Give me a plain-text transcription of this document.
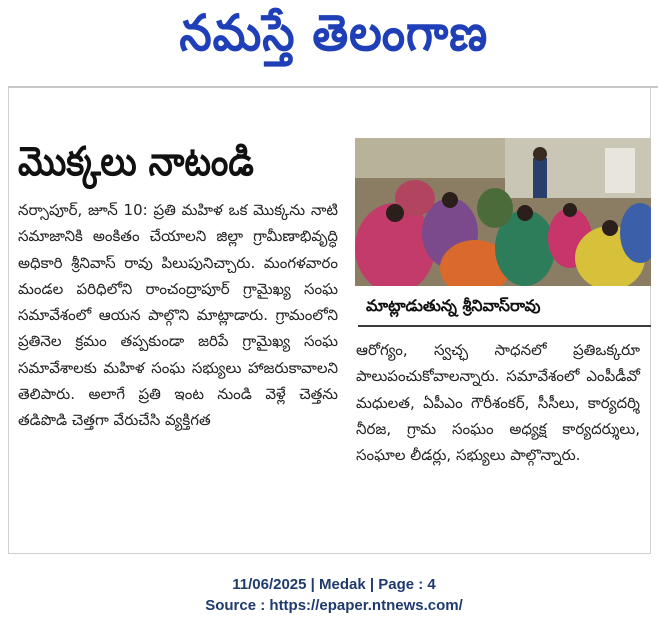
నమస్తే తెలంగాణ
మొక్కలు నాటండి
నర్సాపూర్, జూన్ 10: ప్రతి మహిళ ఒక మొక్కను నాటి సమాజానికి అంకితం చేయాలని జిల్లా గ్రామీణాభివృద్ధి అధికారి శ్రీనివాస్ రావు పిలుపునిచ్చారు. మంగళవారం మండల పరిధిలోని రాంచంద్రాపూర్ గ్రామైఖ్య సంఘ సమావేశంలో ఆయన పాల్గొని మాట్లాడారు. గ్రామంలోని ప్రతినెల క్రమం తప్పకుండా జరిపే గ్రామైఖ్య సంఘ సమావేశాలకు మహిళ సంఘ సభ్యులు హాజరుకావాలని తెలిపారు. అలాగే ప్రతి ఇంట నుండి వెళ్లే చెత్తను తడిపొడి చెత్తగా వేరుచేసి వ్యక్తిగత
మాట్లాడుతున్న శ్రీనివాస్‌రావు
ఆరోగ్యం, స్వచ్ఛ సాధనలో ప్రతిఒక్కరూ పాలుపంచుకోవాలన్నారు. సమావేశంలో ఎంపీడీవో మధులత, ఏపీఎం గౌరీశంకర్, సీసీలు, కార్యదర్శి నీరజ, గ్రామ సంఘం అధ్యక్ష కార్యదర్శులు, సంఘాల లీడర్లు, సభ్యులు పాల్గొన్నారు.
11/06/2025 | Medak | Page : 4
Source : https://epaper.ntnews.com/
